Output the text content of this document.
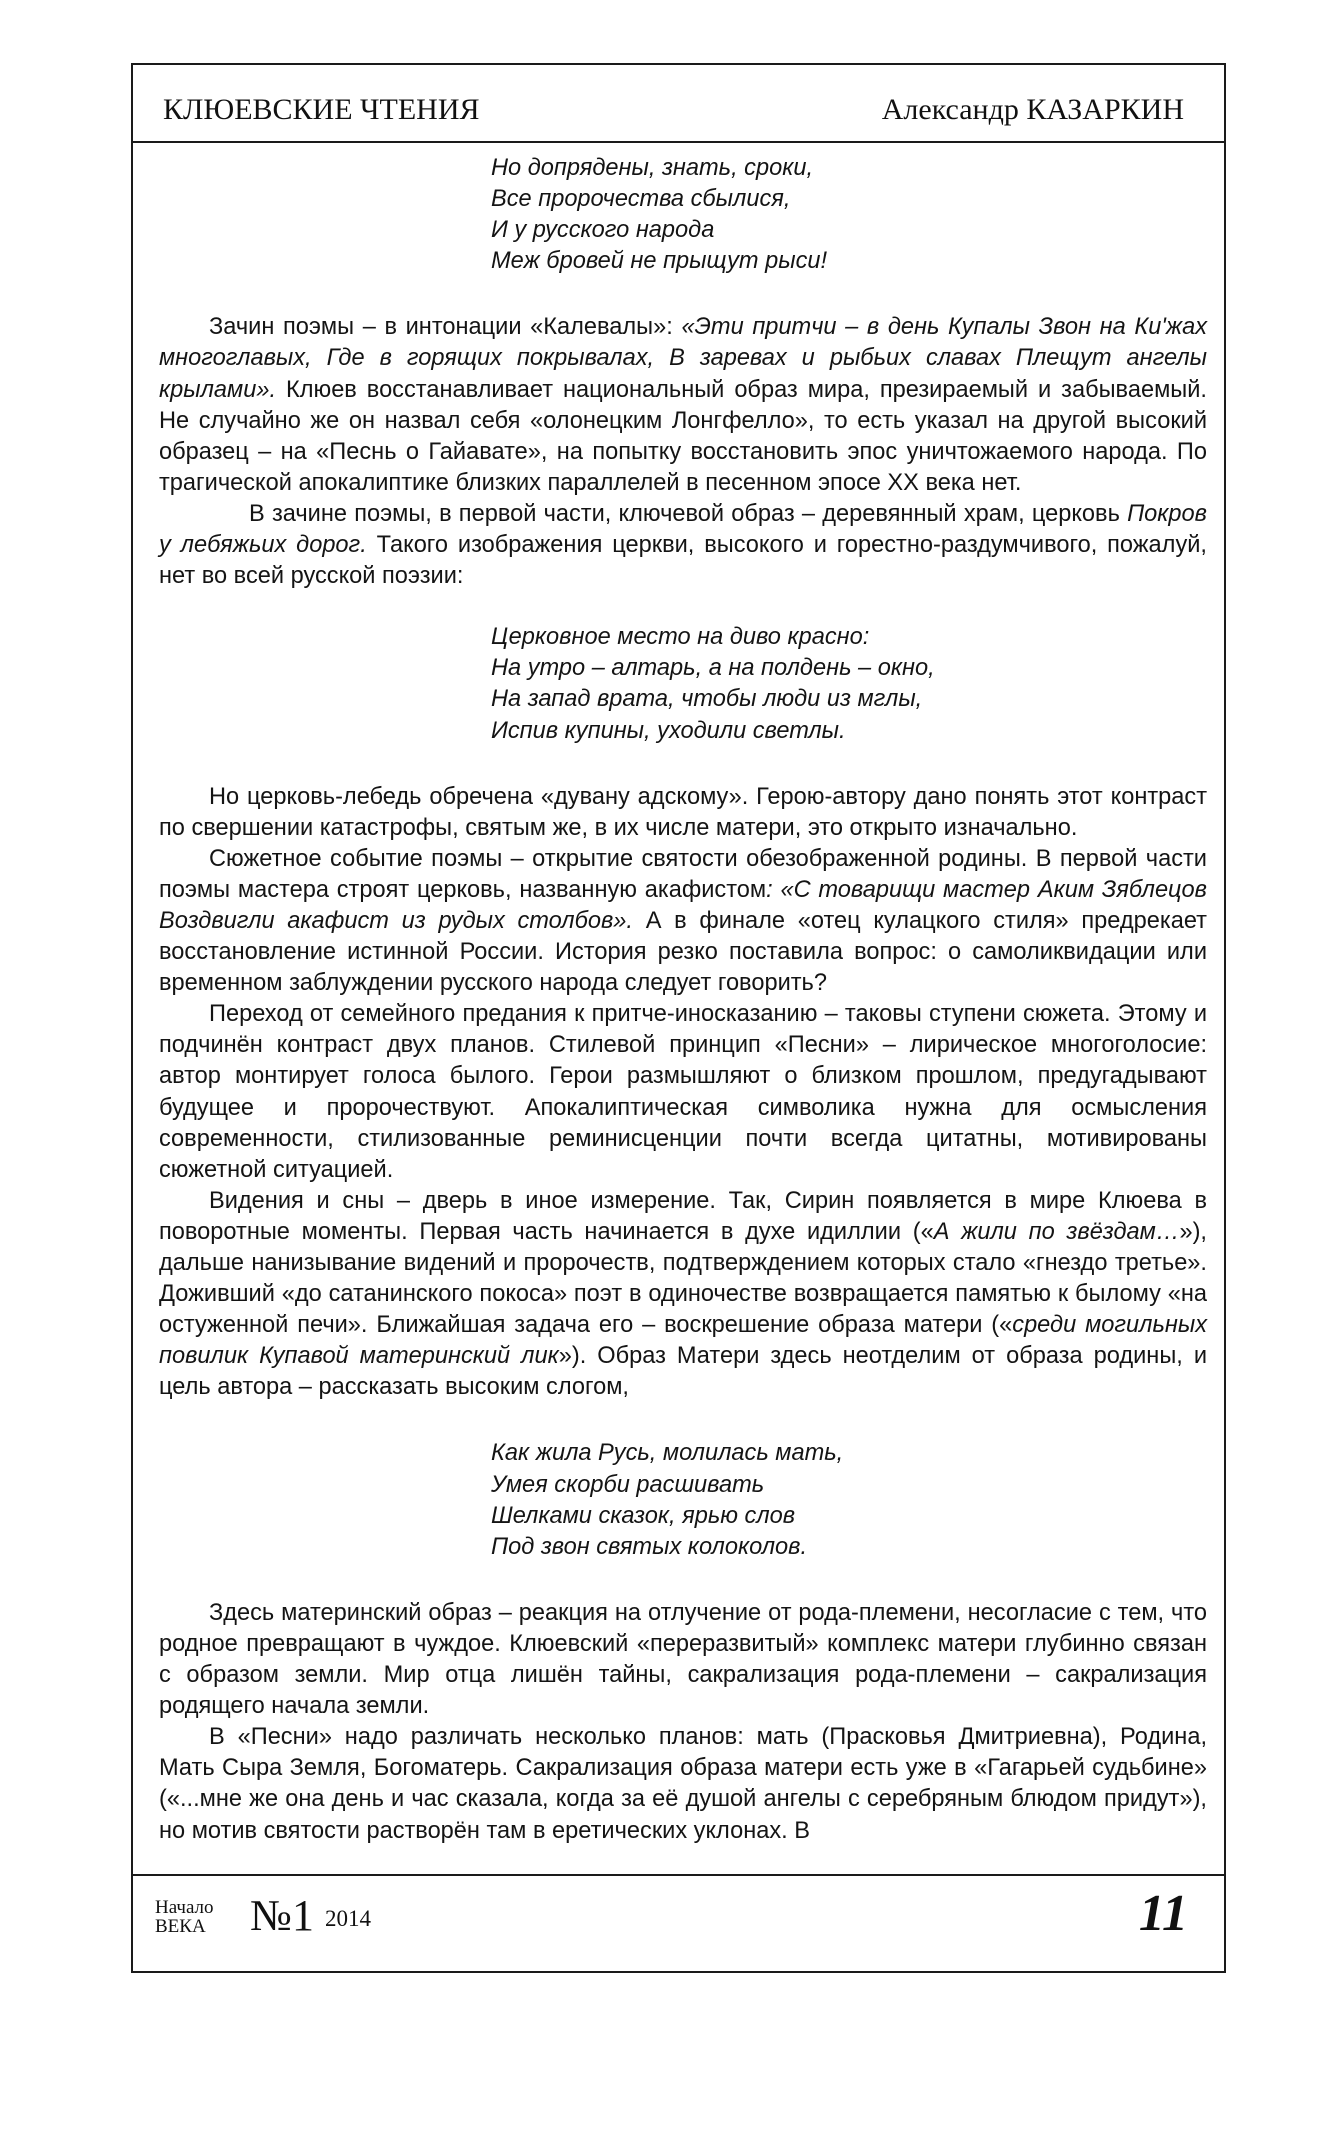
КЛЮЕВСКИЕ ЧТЕНИЯ	Александр КАЗАРКИН
Но допрядены, знать, сроки,
Все пророчества сбылися,
И у русского народа
Меж бровей не прыщут рыси!

Зачин поэмы – в интонации «Калевалы»: «Эти притчи – в день Купалы Звон на Ки'жах многоглавых, Где в горящих покрывалах, В заревах и рыбьих славах Плещут ангелы крылами». Клюев восстанавливает национальный образ мира, презираемый и забываемый. Не случайно же он назвал себя «олонецким Лонгфелло», то есть указал на другой высокий образец – на «Песнь о Гайавате», на попытку восстановить эпос уничтожаемого народа. По трагической апокалиптике близких параллелей в песенном эпосе XX века нет.

В зачине поэмы, в первой части, ключевой образ – деревянный храм, церковь Покров у лебяжьих дорог. Такого изображения церкви, высокого и горестно-раздумчивого, пожалуй, нет во всей русской поэзии:

Церковное место на диво красно:
На утро – алтарь, а на полдень – окно,
На запад врата, чтобы люди из мглы,
Испив купины, уходили светлы.

Но церковь-лебедь обречена «дувану адскому». Герою-автору дано понять этот контраст по свершении катастрофы, святым же, в их числе матери, это открыто изначально.

Сюжетное событие поэмы – открытие святости обезображенной родины. В первой части поэмы мастера строят церковь, названную акафистом: «С товарищи мастер Аким Зяблецов Воздвигли акафист из рудых столбов». А в финале «отец кулацкого стиля» предрекает восстановление истинной России. История резко поставила вопрос: о самоликвидации или временном заблуждении русского народа следует говорить?

Переход от семейного предания к притче-иносказанию – таковы ступени сюжета. Этому и подчинён контраст двух планов. Стилевой принцип «Песни» – лирическое многоголосие: автор монтирует голоса былого. Герои размышляют о близком прошлом, предугадывают будущее и пророчествуют. Апокалиптическая символика нужна для осмысления современности, стилизованные реминисценции почти всегда цитатны, мотивированы сюжетной ситуацией.

Видения и сны – дверь в иное измерение. Так, Сирин появляется в мире Клюева в поворотные моменты. Первая часть начинается в духе идиллии («А жили по звёздам…»), дальше нанизывание видений и пророчеств, подтверждением которых стало «гнездо третье». Доживший «до сатанинского покоса» поэт в одиночестве возвращается памятью к былому «на остуженной печи». Ближайшая задача его – воскрешение образа матери («среди могильных повилик Купавой материнский лик»). Образ Матери здесь неотделим от образа родины, и цель автора – рассказать высоким слогом,

Как жила Русь, молилась мать,
Умея скорби расшивать
Шелками сказок, ярью слов
Под звон святых колоколов.

Здесь материнский образ – реакция на отлучение от рода-племени, несогласие с тем, что родное превращают в чуждое. Клюевский «переразвитый» комплекс матери глубинно связан с образом земли. Мир отца лишён тайны, сакрализация рода-племени – сакрализация родящего начала земли.

В «Песни» надо различать несколько планов: мать (Прасковья Дмитриевна), Родина, Мать Сыра Земля, Богоматерь. Сакрализация образа матери есть уже в «Гагарьей судьбине» («...мне же она день и час сказала, когда за её душой ангелы с серебряным блюдом придут»), но мотив святости растворён там в еретических уклонах. В

Начало
ВЕКА №1 2014	11
